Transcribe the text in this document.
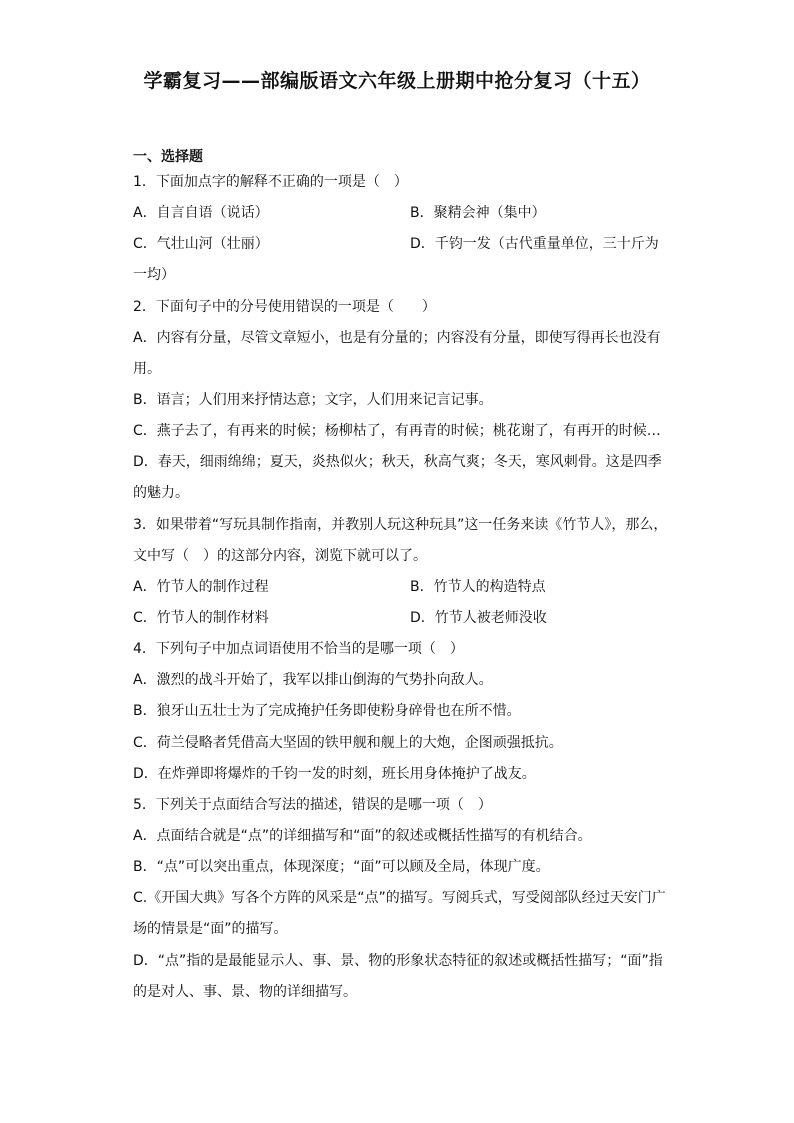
学霸复习——部编版语文六年级上册期中抢分复习（十五）
一、选择题
1．下面加点字的解释不正确的一项是（　）
A．自言自语（说话）	B．聚精会神（集中）
C．气壮山河（壮丽）	D．千钧一发（古代重量单位，三十斤为
一均）
2．下面句子中的分号使用错误的一项是（　　）
A．内容有分量，尽管文章短小，也是有分量的；内容没有分量，即使写得再长也没有
用。
B．语言；人们用来抒情达意；文字，人们用来记言记事。
C．燕子去了，有再来的时候；杨柳枯了，有再青的时候；桃花谢了，有再开的时候…
D．春天，细雨绵绵；夏天，炎热似火；秋天，秋高气爽；冬天，寒风刺骨。这是四季
的魅力。
3．如果带着“写玩具制作指南，并教别人玩这种玩具”这一任务来读《竹节人》，那么，
文中写（　）的这部分内容，浏览下就可以了。
A．竹节人的制作过程	B．竹节人的构造特点
C．竹节人的制作材料	D．竹节人被老师没收
4．下列句子中加点词语使用不恰当的是哪一项（　）
A．激烈的战斗开始了，我军以排山倒海的气势扑向敌人。
B．狼牙山五壮士为了完成掩护任务即使粉身碎骨也在所不惜。
C．荷兰侵略者凭借高大坚固的铁甲舰和舰上的大炮，企图顽强抵抗。
D．在炸弹即将爆炸的千钧一发的时刻，班长用身体掩护了战友。
5．下列关于点面结合写法的描述，错误的是哪一项（　）
A．点面结合就是“点”的详细描写和“面”的叙述或概括性描写的有机结合。
B．“点”可以突出重点，体现深度；“面”可以顾及全局，体现广度。
C.《开国大典》写各个方阵的风采是“点”的描写。写阅兵式，写受阅部队经过天安门广
场的情景是“面”的描写。
D．“点”指的是最能显示人、事、景、物的形象状态特征的叙述或概括性描写；“面”指
的是对人、事、景、物的详细描写。
